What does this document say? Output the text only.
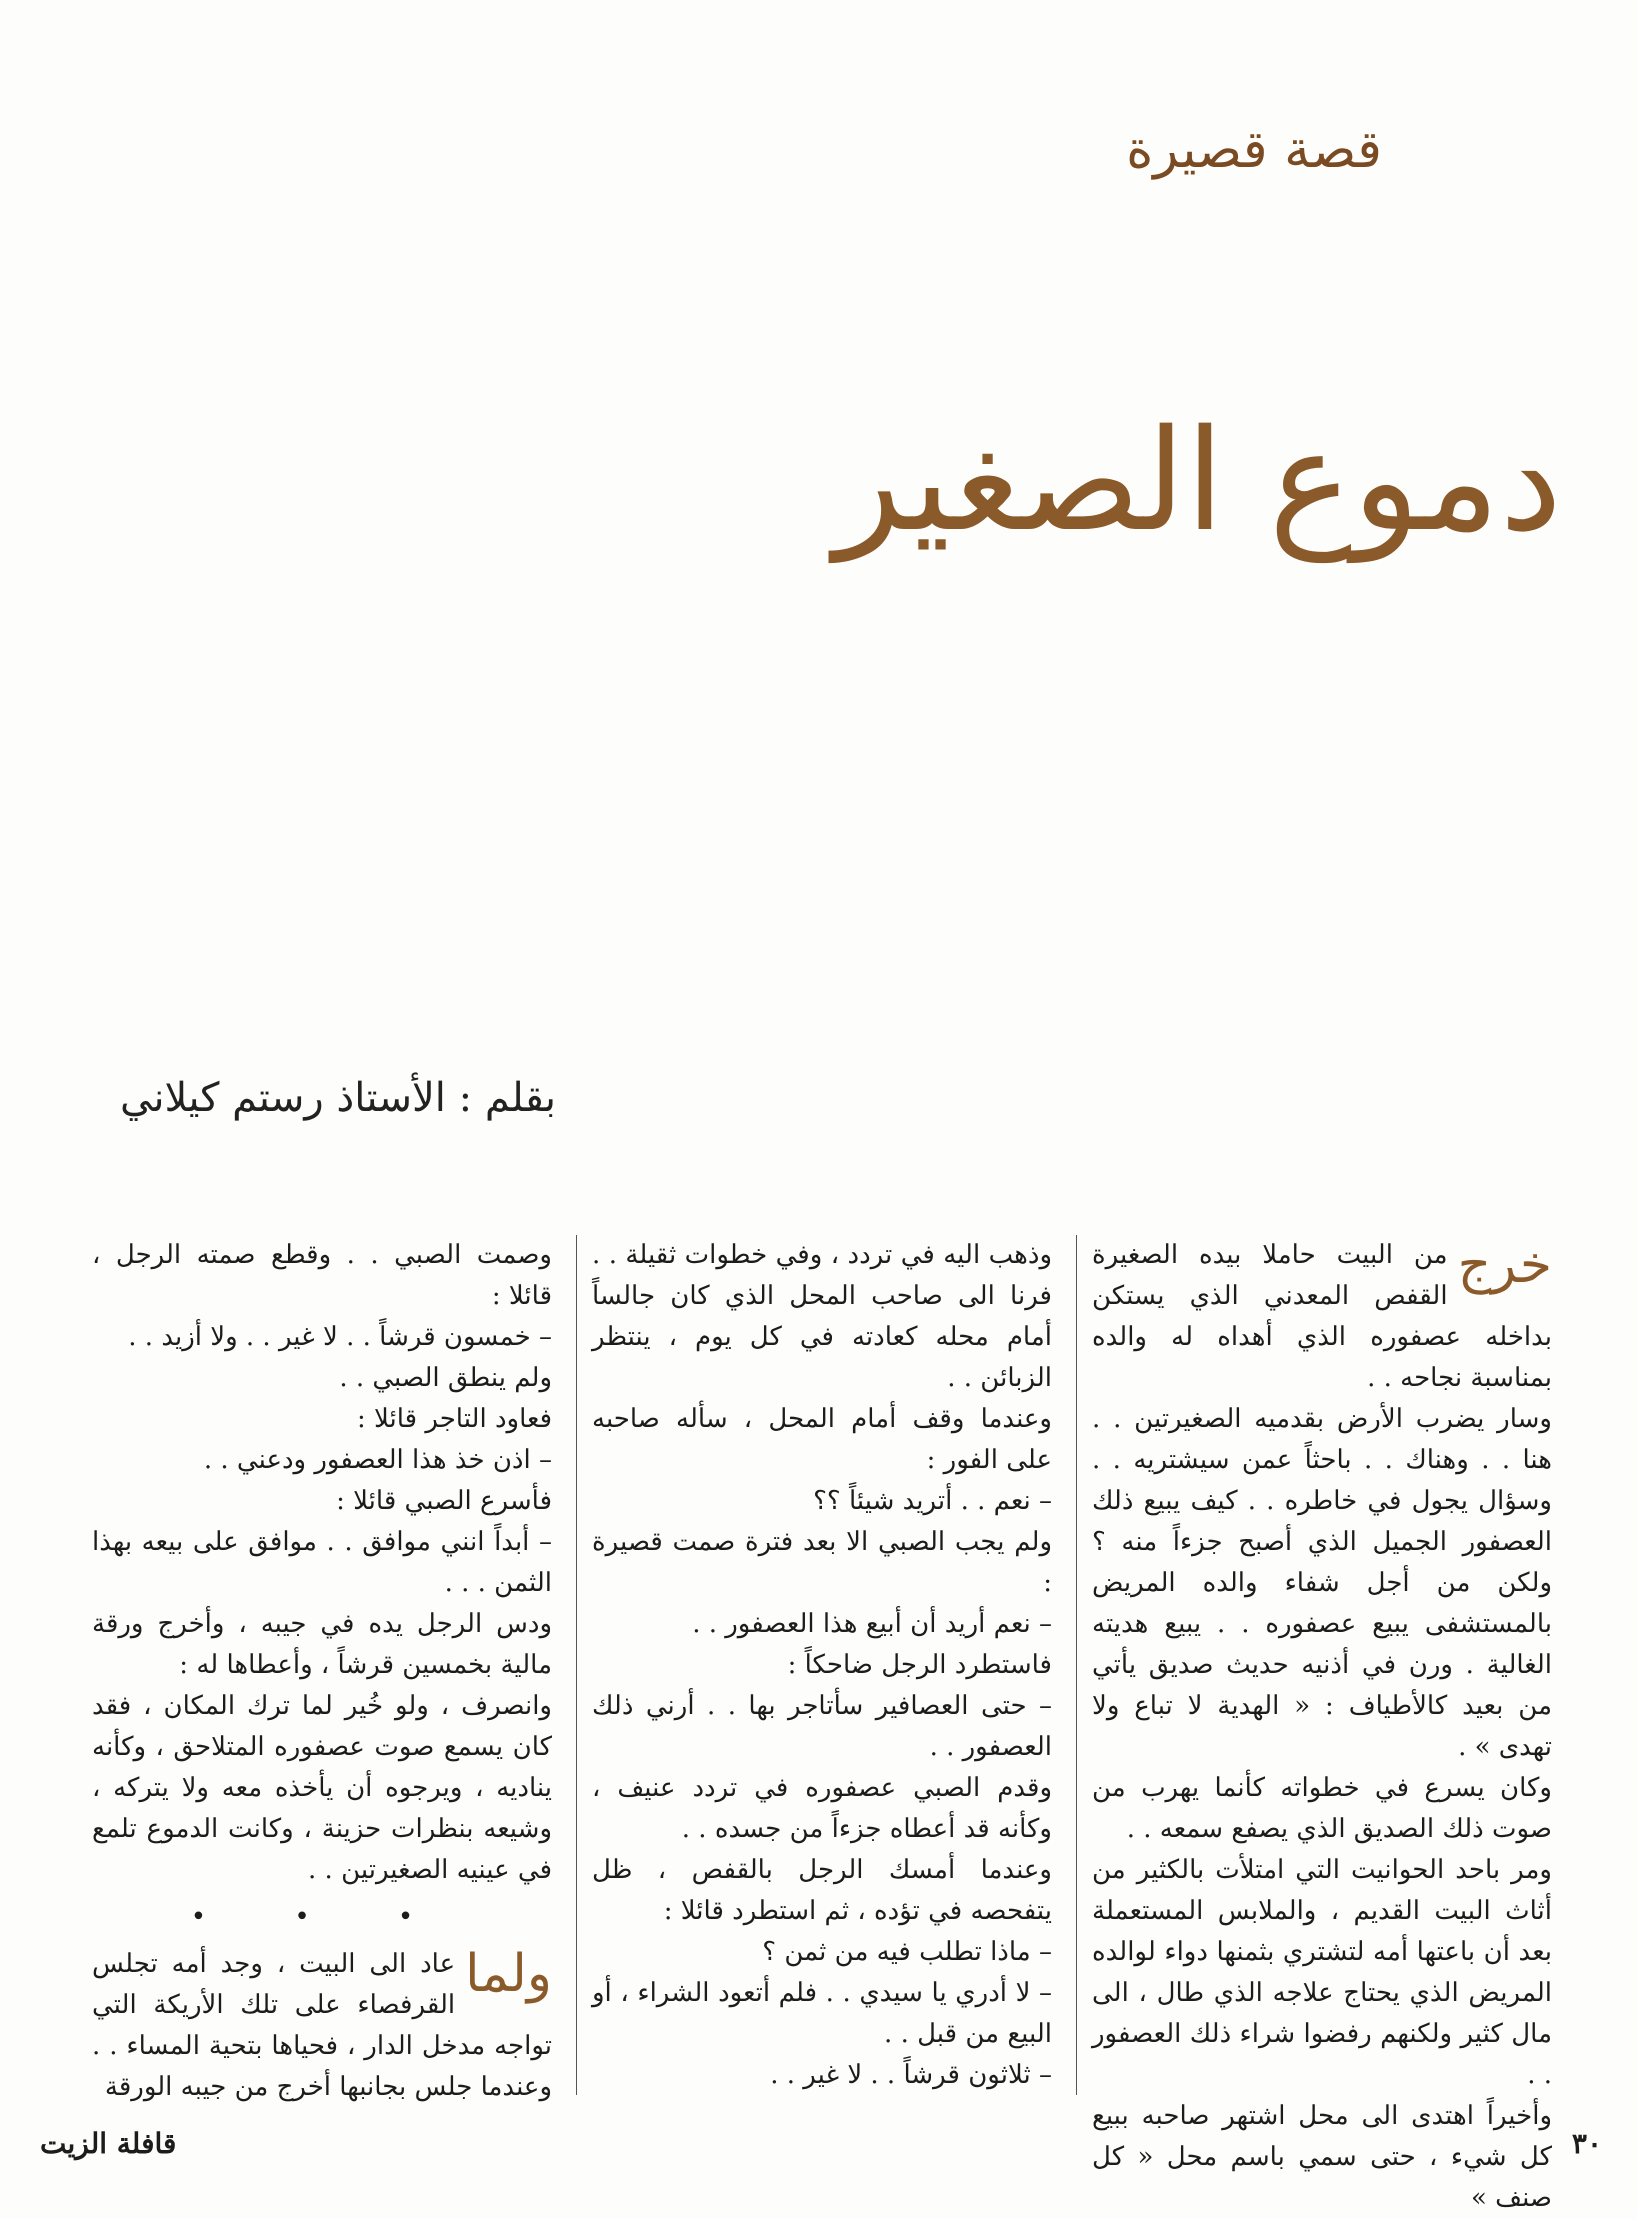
قصة قصيرة
دموع الصغير
بقلم : الأستاذ رستم كيلاني
خرج

من البيت حاملا بيده الصغيرة القفص المعدني الذي يستكن بداخله عصفوره الذي أهداه له والده بمناسبة نجاحه . .

وسار يضرب الأرض بقدميه الصغيرتين . . هنا . . وهناك . . باحثاً عمن سيشتريه . . وسؤال يجول في خاطره . . كيف يبيع ذلك العصفور الجميل الذي أصبح جزءاً منه ؟ ولكن من أجل شفاء والده المريض بالمستشفى يبيع عصفوره . . يبيع هديته الغالية . ورن في أذنيه حديث صديق يأتي من بعيد كالأطياف : « الهدية لا تباع ولا تهدى » .

وكان يسرع في خطواته كأنما يهرب من صوت ذلك الصديق الذي يصفع سمعه . .

ومر باحد الحوانيت التي امتلأت بالكثير من أثاث البيت القديم ، والملابس المستعملة بعد أن باعتها أمه لتشتري بثمنها دواء لوالده المريض الذي يحتاج علاجه الذي طال ، الى مال كثير ولكنهم رفضوا شراء ذلك العصفور . .

وأخيراً اهتدى الى محل اشتهر صاحبه ببيع كل شيء ، حتى سمي باسم محل « كل صنف »

وذهب اليه في تردد ، وفي خطوات ثقيلة . . فرنا الى صاحب المحل الذي كان جالساً أمام محله كعادته في كل يوم ، ينتظر الزبائن . .

وعندما وقف أمام المحل ، سأله صاحبه على الفور :

– نعم . . أتريد شيئاً ؟؟

ولم يجب الصبي الا بعد فترة صمت قصيرة :

– نعم أريد أن أبيع هذا العصفور . .

فاستطرد الرجل ضاحكاً :

– حتى العصافير سأتاجر بها . . أرني ذلك العصفور . .

وقدم الصبي عصفوره في تردد عنيف ، وكأنه قد أعطاه جزءاً من جسده . .

وعندما أمسك الرجل بالقفص ، ظل يتفحصه في تؤده ، ثم استطرد قائلا :

– ماذا تطلب فيه من ثمن ؟

– لا أدري يا سيدي . . فلم أتعود الشراء ، أو البيع من قبل . .

– ثلاثون قرشاً . . لا غير . .

وصمت الصبي . . وقطع صمته الرجل ، قائلا :

– خمسون قرشاً . . لا غير . . ولا أزيد . .

ولم ينطق الصبي . .

فعاود التاجر قائلا :

– اذن خذ هذا العصفور ودعني . .

فأسرع الصبي قائلا :

– أبداً انني موافق . . موافق على بيعه بهذا الثمن . . .

ودس الرجل يده في جيبه ، وأخرج ورقة مالية بخمسين قرشاً ، وأعطاها له :

وانصرف ، ولو خُير لما ترك المكان ، فقد كان يسمع صوت عصفوره المتلاحق ، وكأنه يناديه ، ويرجوه أن يأخذه معه ولا يتركه ، وشيعه بنظرات حزينة ، وكانت الدموع تلمع في عينيه الصغيرتين . .

• • •
ولما

عاد الى البيت ، وجد أمه تجلس القرفصاء على تلك الأريكة التي تواجه مدخل الدار ، فحياها بتحية المساء . . وعندما جلس بجانبها أخرج من جيبه الورقة

قافلة الزيت	٣٠
